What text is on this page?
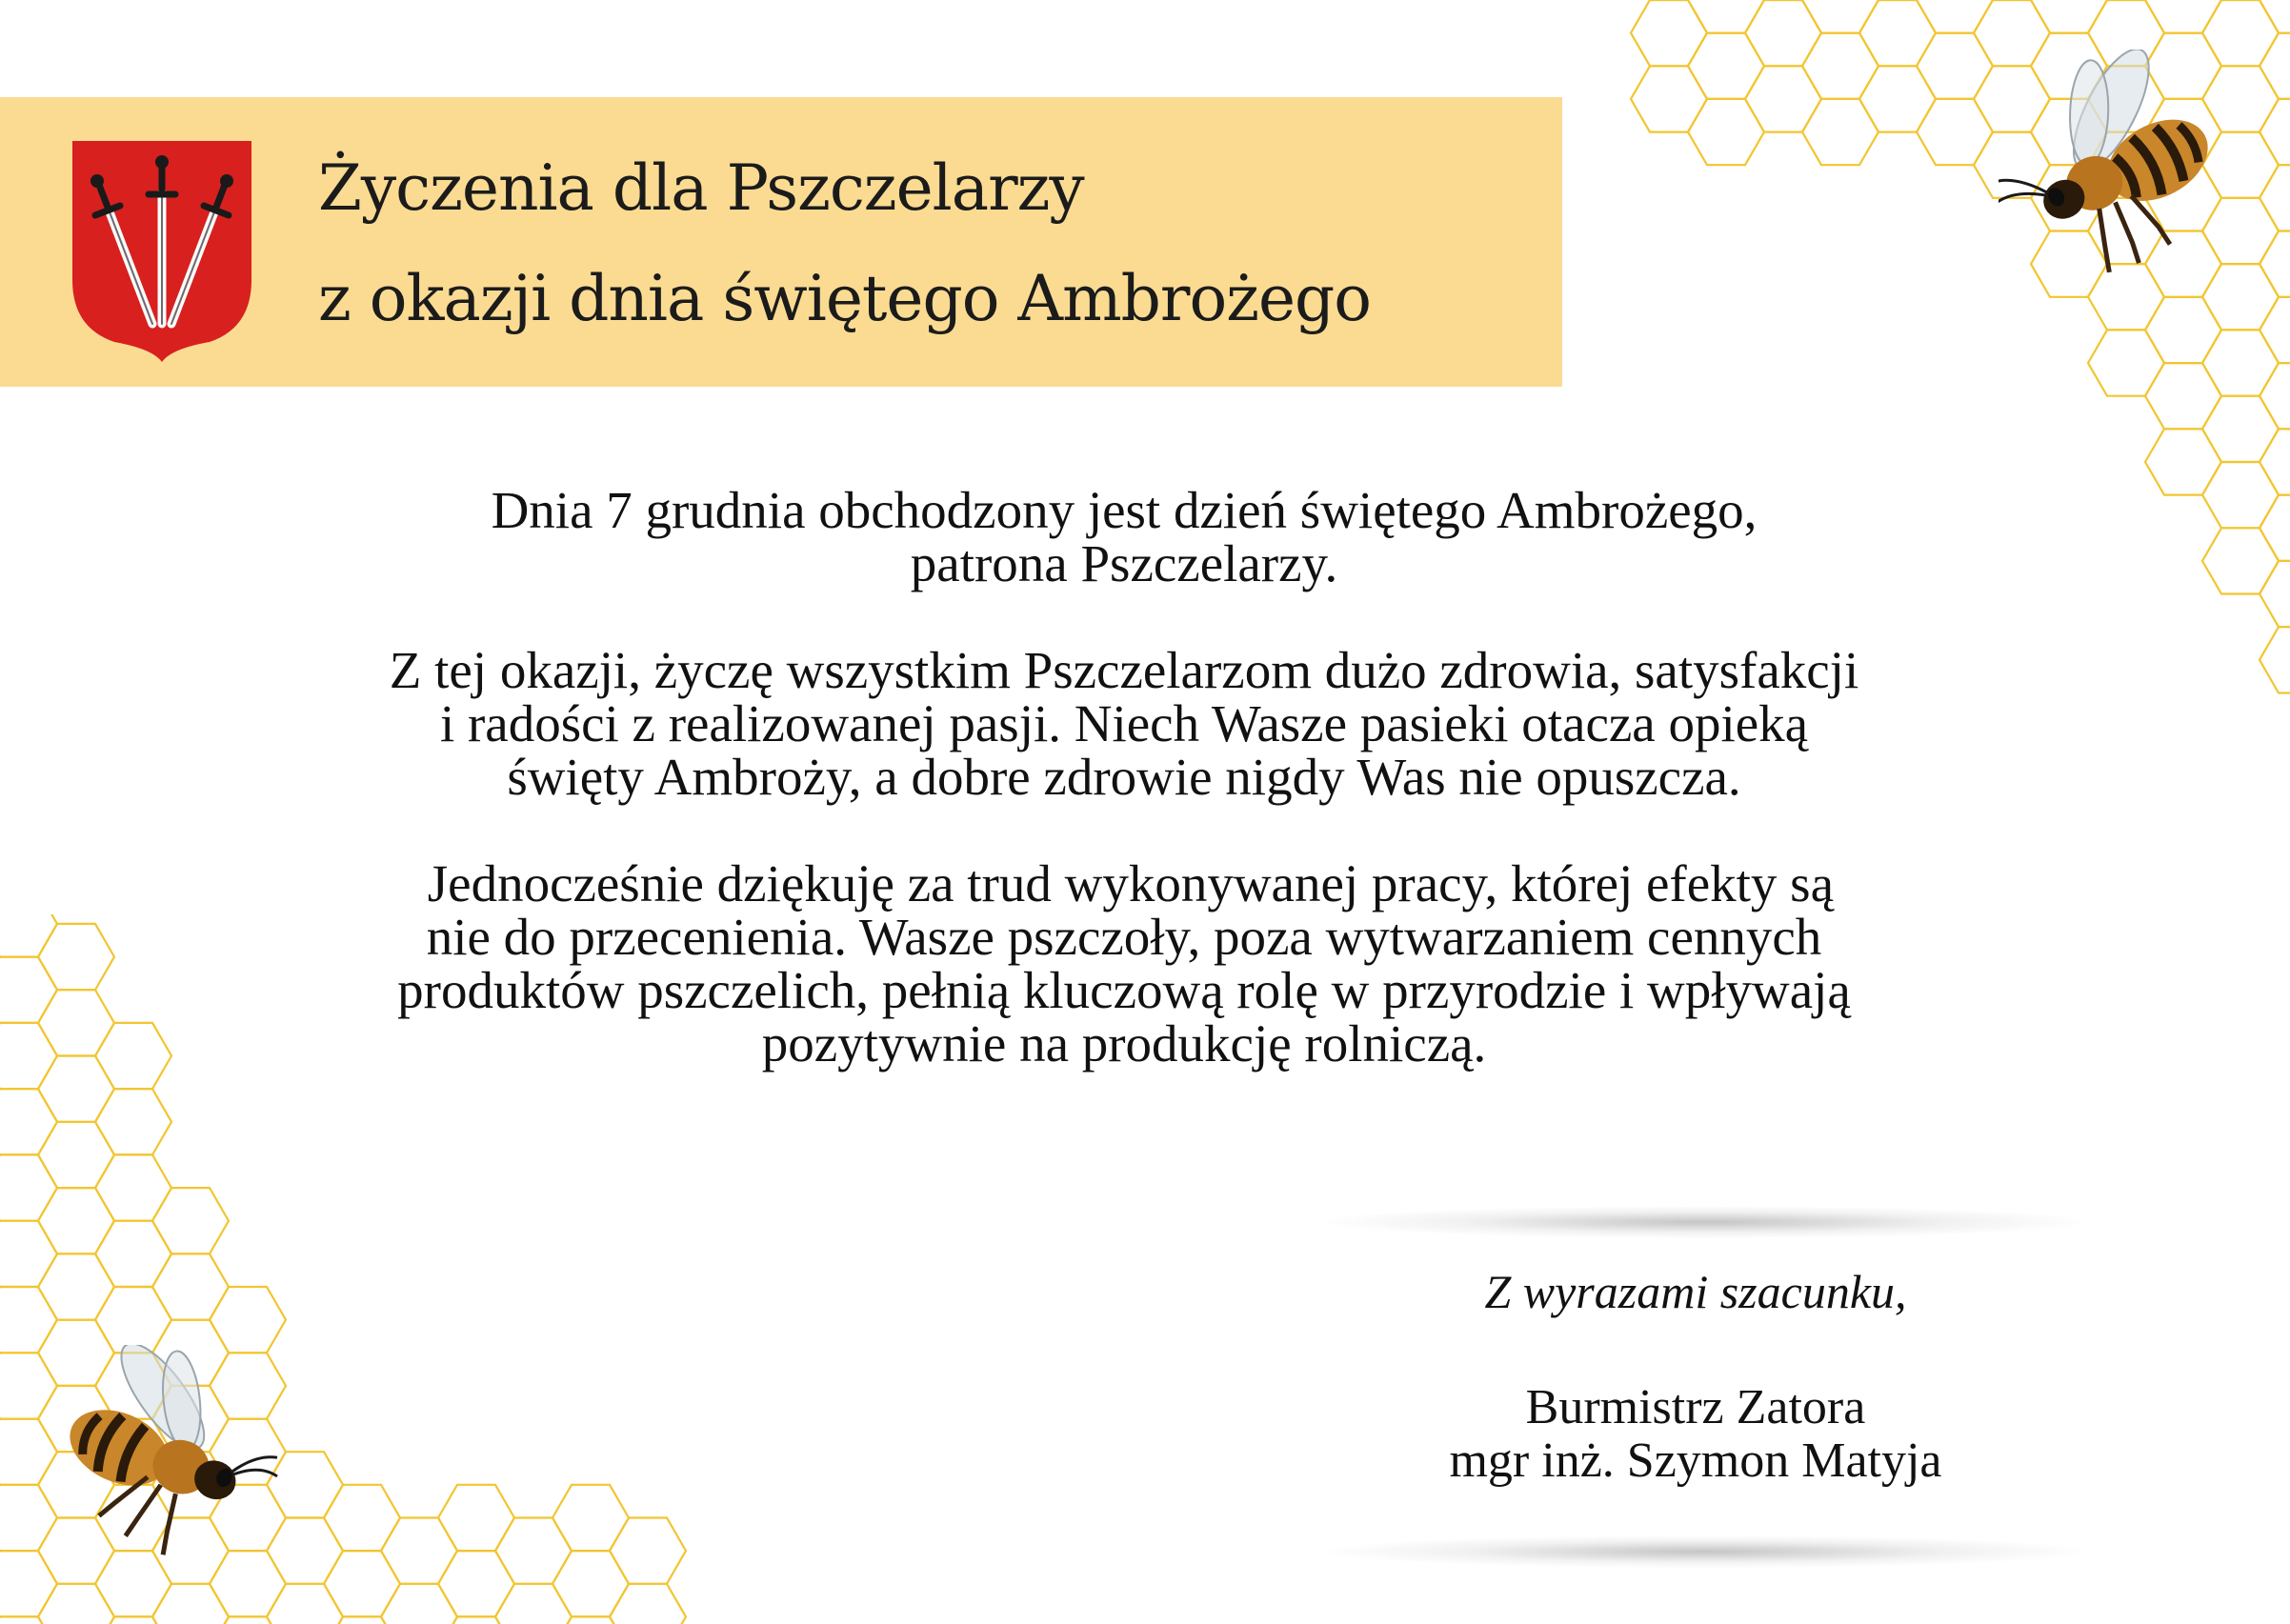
Życzenia dla Pszczelarzy
z okazji dnia świętego Ambrożego
Dnia 7 grudnia obchodzony jest dzień świętego Ambrożego,
patrona Pszczelarzy.
Z tej okazji, życzę wszystkim Pszczelarzom dużo zdrowia, satysfakcji
i radości z realizowanej pasji. Niech Wasze pasieki otacza opieką
święty Ambroży, a dobre zdrowie nigdy Was nie opuszcza.
Jednocześnie dziękuję za trud wykonywanej pracy, której efekty są
nie do przecenienia. Wasze pszczoły, poza wytwarzaniem cennych
produktów pszczelich, pełnią kluczową rolę w przyrodzie i wpływają
pozytywnie na produkcję rolniczą.
Z wyrazami szacunku,
Burmistrz Zatora
mgr inż. Szymon Matyja
